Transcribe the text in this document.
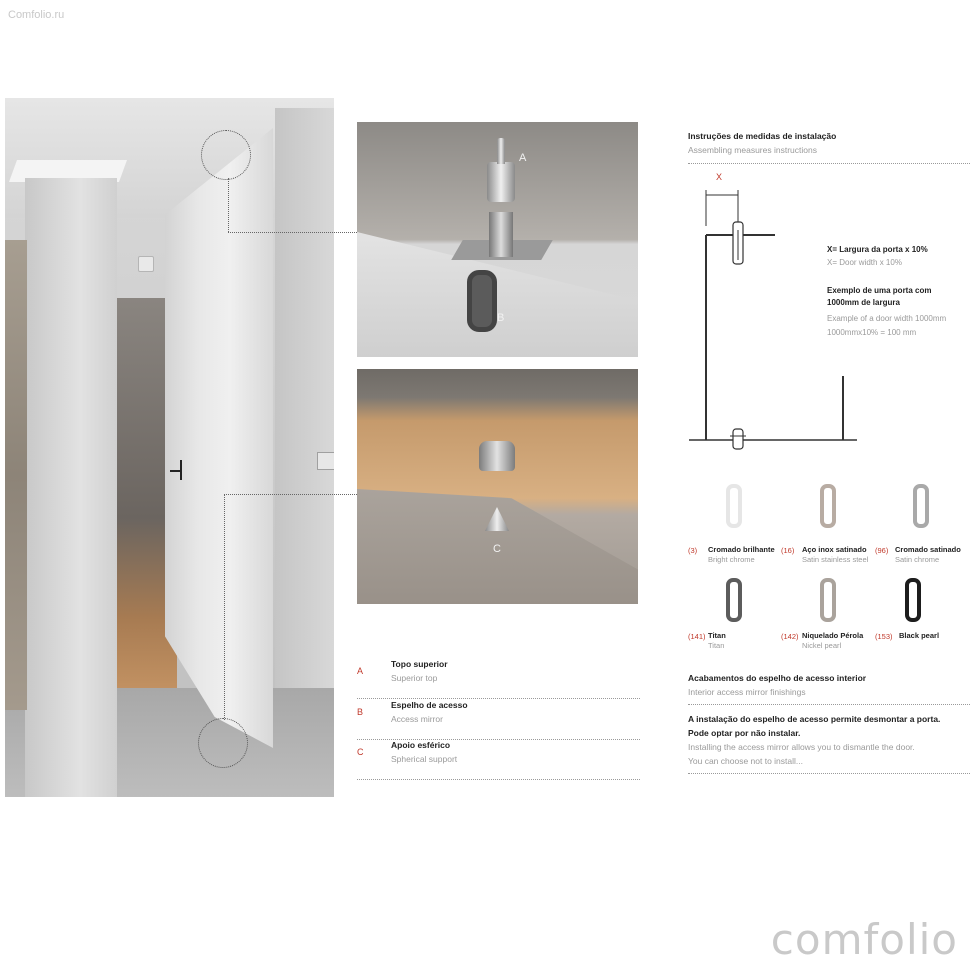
Comfolio.ru
comfolio
A
B
C
A
Topo superior
Superior top
B
Espelho de acesso
Access mirror
C
Apoio esférico
Spherical support
Instruções de medidas de instalação
Assembling measures instructions
X
X= Largura da porta x 10%
X= Door width x 10%
Exemplo de uma porta com
1000mm de largura
Example of a door width 1000mm
1000mmx10% = 100 mm
(3) Cromado brilhante
Bright chrome
(16) Aço inox satinado
Satin stainless steel
(96) Cromado satinado
Satin chrome
(141) Titan
Titan
(142) Niquelado Pérola
Nickel pearl
(153) Black pearl
Acabamentos do espelho de acesso interior
Interior access mirror finishings
A instalação do espelho de acesso permite desmontar a porta.
Pode optar por não instalar.
Installing the access mirror allows you to dismantle the door.
You can choose not to install...
